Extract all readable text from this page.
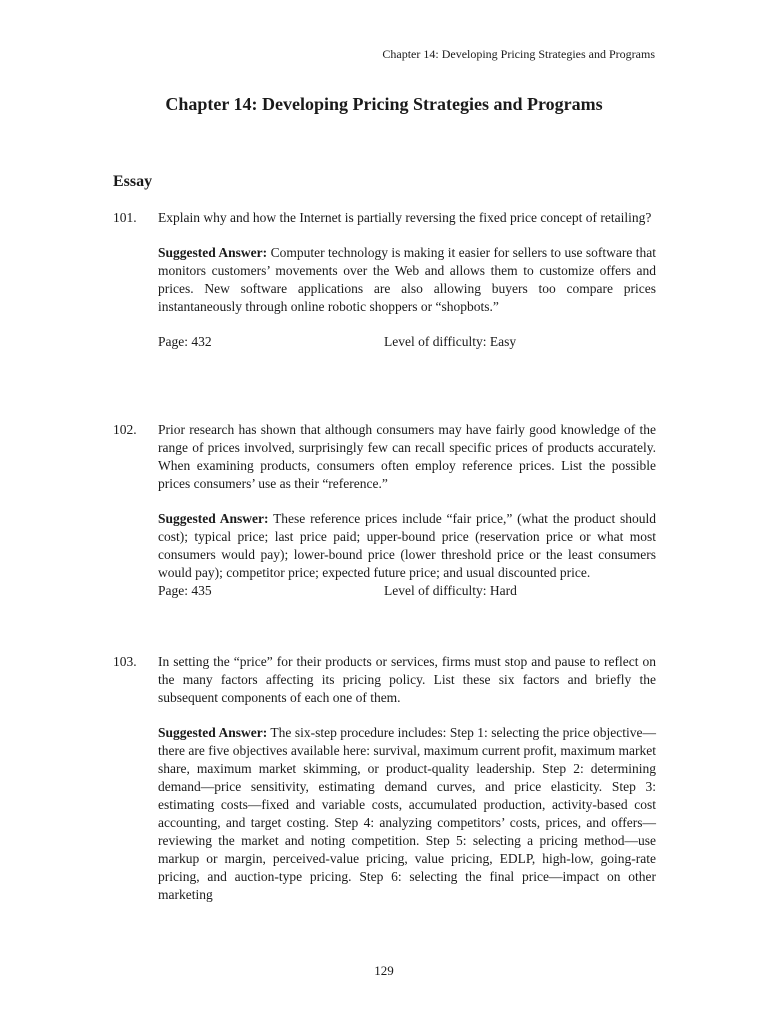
Chapter 14: Developing Pricing Strategies and Programs
Chapter 14: Developing Pricing Strategies and Programs
Essay
101. Explain why and how the Internet is partially reversing the fixed price concept of retailing?
Suggested Answer: Computer technology is making it easier for sellers to use software that monitors customers’ movements over the Web and allows them to customize offers and prices. New software applications are also allowing buyers too compare prices instantaneously through online robotic shoppers or “shopbots.”
Page: 432	Level of difficulty: Easy
102. Prior research has shown that although consumers may have fairly good knowledge of the range of prices involved, surprisingly few can recall specific prices of products accurately. When examining products, consumers often employ reference prices. List the possible prices consumers’ use as their “reference.”
Suggested Answer: These reference prices include “fair price,” (what the product should cost); typical price; last price paid; upper-bound price (reservation price or what most consumers would pay); lower-bound price (lower threshold price or the least consumers would pay); competitor price; expected future price; and usual discounted price.
Page: 435	Level of difficulty: Hard
103. In setting the “price” for their products or services, firms must stop and pause to reflect on the many factors affecting its pricing policy. List these six factors and briefly the subsequent components of each one of them.
Suggested Answer: The six-step procedure includes: Step 1: selecting the price objective—there are five objectives available here: survival, maximum current profit, maximum market share, maximum market skimming, or product-quality leadership. Step 2: determining demand—price sensitivity, estimating demand curves, and price elasticity. Step 3: estimating costs—fixed and variable costs, accumulated production, activity-based cost accounting, and target costing. Step 4: analyzing competitors’ costs, prices, and offers—reviewing the market and noting competition. Step 5: selecting a pricing method—use markup or margin, perceived-value pricing, value pricing, EDLP, high-low, going-rate pricing, and auction-type pricing. Step 6: selecting the final price—impact on other marketing
129
